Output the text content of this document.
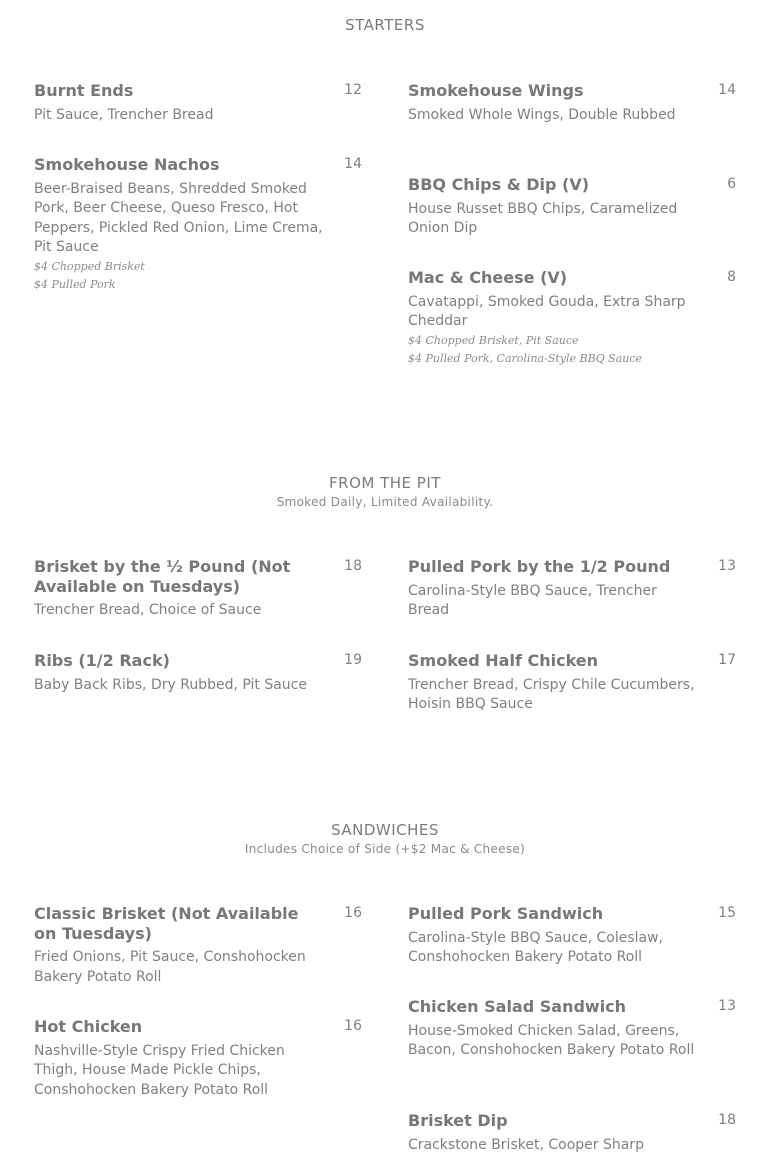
STARTERS
Burnt Ends	12
Pit Sauce, Trencher Bread
Smokehouse Wings	14
Smoked Whole Wings, Double Rubbed
Smokehouse Nachos	14
Beer-Braised Beans, Shredded Smoked Pork, Beer Cheese, Queso Fresco, Hot Peppers, Pickled Red Onion, Lime Crema, Pit Sauce
$4 Chopped Brisket
$4 Pulled Pork
BBQ Chips & Dip (V)	6
House Russet BBQ Chips, Caramelized Onion Dip
Mac & Cheese (V)	8
Cavatappi, Smoked Gouda, Extra Sharp Cheddar
$4 Chopped Brisket, Pit Sauce
$4 Pulled Pork, Carolina-Style BBQ Sauce
FROM THE PIT
Smoked Daily, Limited Availability.
Brisket by the ½ Pound (Not Available on Tuesdays)
18
Trencher Bread, Choice of Sauce
Pulled Pork by the 1/2 Pound	13
Carolina-Style BBQ Sauce, Trencher Bread
Ribs (1/2 Rack)	19
Baby Back Ribs, Dry Rubbed, Pit Sauce
Smoked Half Chicken	17
Trencher Bread, Crispy Chile Cucumbers, Hoisin BBQ Sauce
SANDWICHES
Includes Choice of Side (+$2 Mac & Cheese)
Classic Brisket (Not Available on Tuesdays)
16
Fried Onions, Pit Sauce, Conshohocken Bakery Potato Roll
Pulled Pork Sandwich	15
Carolina-Style BBQ Sauce, Coleslaw, Conshohocken Bakery Potato Roll
Hot Chicken	16
Nashville-Style Crispy Fried Chicken Thigh, House Made Pickle Chips, Conshohocken Bakery Potato Roll
Chicken Salad Sandwich	13
House-Smoked Chicken Salad, Greens, Bacon, Conshohocken Bakery Potato Roll
Brisket Dip	18
Crackstone Brisket, Cooper Sharp
